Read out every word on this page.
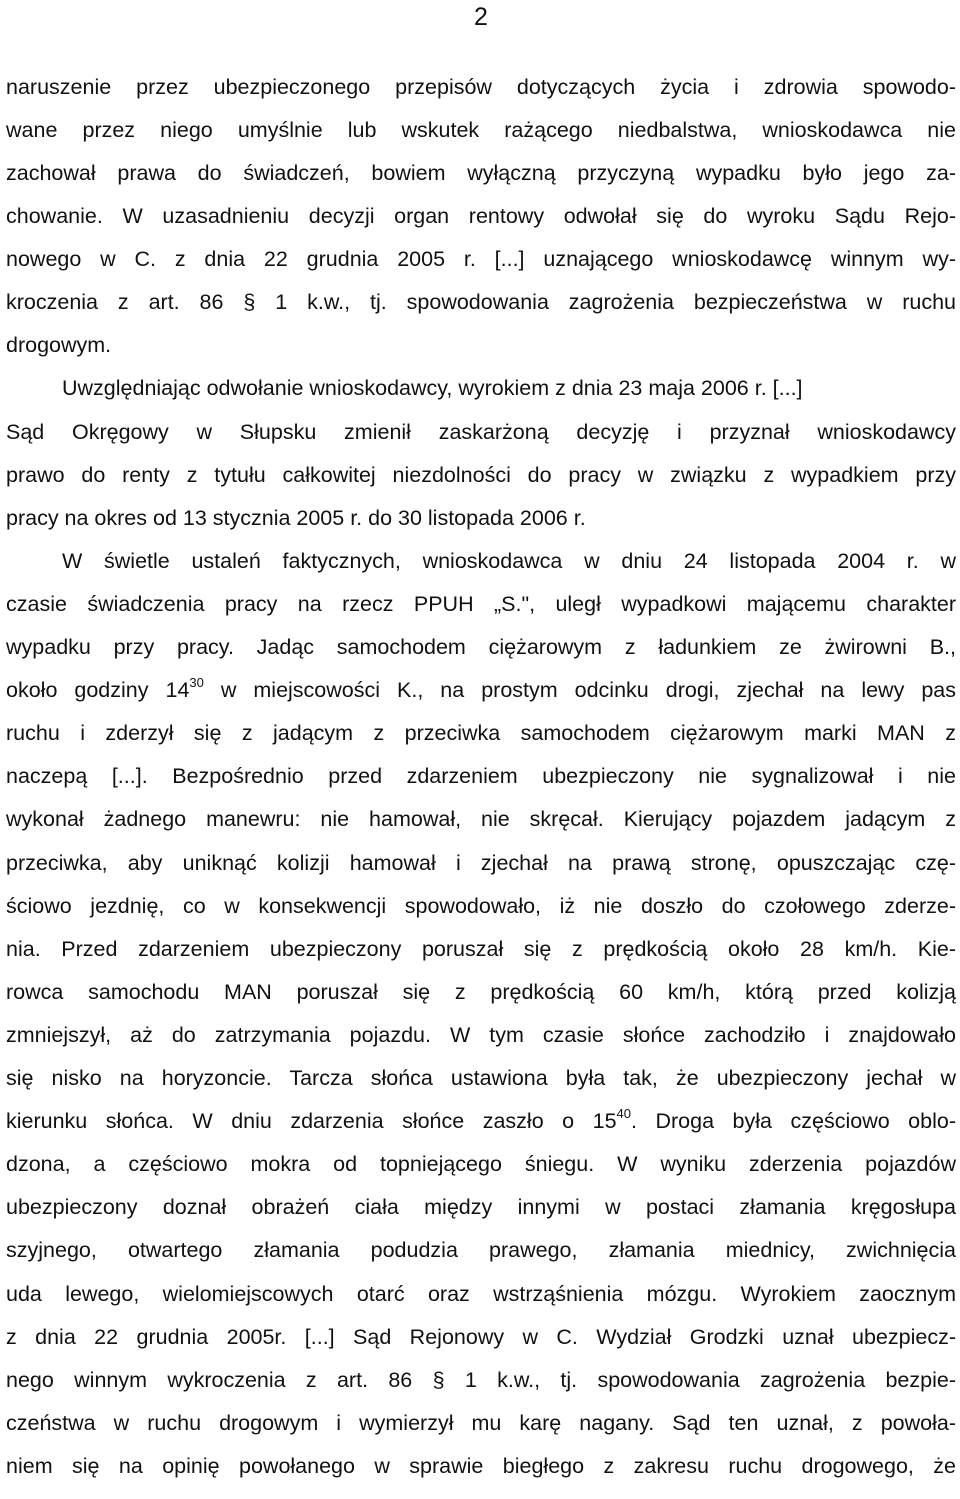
2
naruszenie przez ubezpieczonego przepisów dotyczących życia i zdrowia spowodo-
wane przez niego umyślnie lub wskutek rażącego niedbalstwa, wnioskodawca nie
zachował prawa do świadczeń, bowiem wyłączną przyczyną wypadku było jego za-
chowanie. W uzasadnieniu decyzji organ rentowy odwołał się do wyroku Sądu Rejo-
nowego w C. z dnia 22 grudnia 2005 r. [...] uznającego wnioskodawcę winnym wy-
kroczenia z art. 86 § 1 k.w., tj. spowodowania zagrożenia bezpieczeństwa w ruchu
drogowym.
Uwzględniając odwołanie wnioskodawcy, wyrokiem z dnia 23 maja 2006 r. [...]
Sąd Okręgowy w Słupsku zmienił zaskarżoną decyzję i przyznał wnioskodawcy
prawo do renty z tytułu całkowitej niezdolności do pracy w związku z wypadkiem przy
pracy na okres od 13 stycznia 2005 r. do 30 listopada 2006 r.
W świetle ustaleń faktycznych, wnioskodawca w dniu 24 listopada 2004 r. w
czasie świadczenia pracy na rzecz PPUH „S.", uległ wypadkowi mającemu charakter
wypadku przy pracy. Jadąc samochodem ciężarowym z ładunkiem ze żwirowni B.,
około godziny $14^{30}$ w miejscowości K., na prostym odcinku drogi, zjechał na lewy pas
ruchu i zderzył się z jadącym z przeciwka samochodem ciężarowym marki MAN z
naczepą [...]. Bezpośrednio przed zdarzeniem ubezpieczony nie sygnalizował i nie
wykonał żadnego manewru: nie hamował, nie skręcał. Kierujący pojazdem jadącym z
przeciwka, aby uniknąć kolizji hamował i zjechał na prawą stronę, opuszczając czę-
ściowo jezdnię, co w konsekwencji spowodowało, iż nie doszło do czołowego zderze-
nia. Przed zdarzeniem ubezpieczony poruszał się z prędkością około 28 km/h. Kie-
rowca samochodu MAN poruszał się z prędkością 60 km/h, którą przed kolizją
zmniejszył, aż do zatrzymania pojazdu. W tym czasie słońce zachodziło i znajdowało
się nisko na horyzoncie. Tarcza słońca ustawiona była tak, że ubezpieczony jechał w
kierunku słońca. W dniu zdarzenia słońce zaszło o $15^{40}$. Droga była częściowo oblo-
dzona, a częściowo mokra od topniejącego śniegu. W wyniku zderzenia pojazdów
ubezpieczony doznał obrażeń ciała między innymi w postaci złamania kręgosłupa
szyjnego, otwartego złamania podudzia prawego, złamania miednicy, zwichnięcia
uda lewego, wielomiejscowych otarć oraz wstrząśnienia mózgu. Wyrokiem zaocznym
z dnia 22 grudnia 2005r. [...] Sąd Rejonowy w C. Wydział Grodzki uznał ubezpiecz-
nego winnym wykroczenia z art. 86 § 1 k.w., tj. spowodowania zagrożenia bezpie-
czeństwa w ruchu drogowym i wymierzył mu karę nagany. Sąd ten uznał, z powoła-
niem się na opinię powołanego w sprawie biegłego z zakresu ruchu drogowego, że
